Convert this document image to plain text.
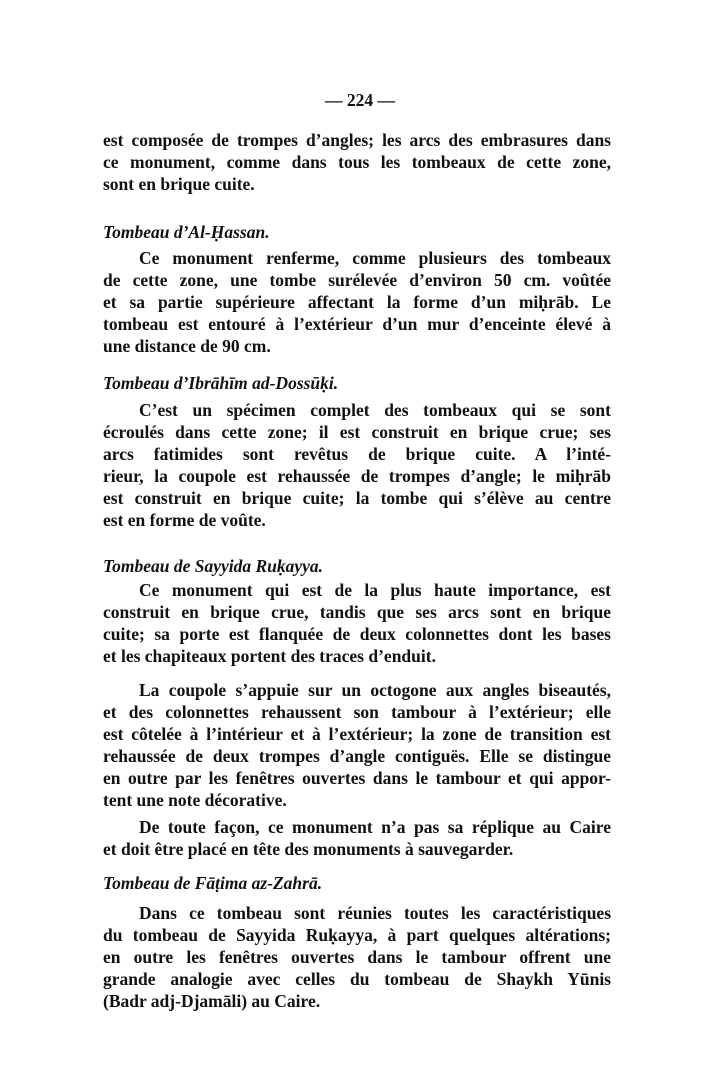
— 224 —
est composée de trompes d’angles; les arcs des embrasures dans
ce monument, comme dans tous les tombeaux de cette zone,
sont en brique cuite.
Tombeau d’Al-Ḥassan.
Ce monument renferme, comme plusieurs des tombeaux
de cette zone, une tombe surélevée d’environ 50 cm. voûtée
et sa partie supérieure affectant la forme d’un miḥrāb. Le
tombeau est entouré à l’extérieur d’un mur d’enceinte élevé à
une distance de 90 cm.
Tombeau d’Ibrāhīm ad-Dossūḳi.
C’est un spécimen complet des tombeaux qui se sont
écroulés dans cette zone; il est construit en brique crue; ses
arcs fatimides sont revêtus de brique cuite. A l’inté-
rieur, la coupole est rehaussée de trompes d’angle; le miḥrāb
est construit en brique cuite; la tombe qui s’élève au centre
est en forme de voûte.
Tombeau de Sayyida Ruḳayya.
Ce monument qui est de la plus haute importance, est
construit en brique crue, tandis que ses arcs sont en brique
cuite; sa porte est flanquée de deux colonnettes dont les bases
et les chapiteaux portent des traces d’enduit.
La coupole s’appuie sur un octogone aux angles biseautés,
et des colonnettes rehaussent son tambour à l’extérieur; elle
est côtelée à l’intérieur et à l’extérieur; la zone de transition est
rehaussée de deux trompes d’angle contiguës. Elle se distingue
en outre par les fenêtres ouvertes dans le tambour et qui appor-
tent une note décorative.
De toute façon, ce monument n’a pas sa réplique au Caire
et doit être placé en tête des monuments à sauvegarder.
Tombeau de Fāṭima az-Zahrā.
Dans ce tombeau sont réunies toutes les caractéristiques
du tombeau de Sayyida Ruḳayya, à part quelques altérations;
en outre les fenêtres ouvertes dans le tambour offrent une
grande analogie avec celles du tombeau de Shaykh Yūnis
(Badr adj-Djamāli) au Caire.
